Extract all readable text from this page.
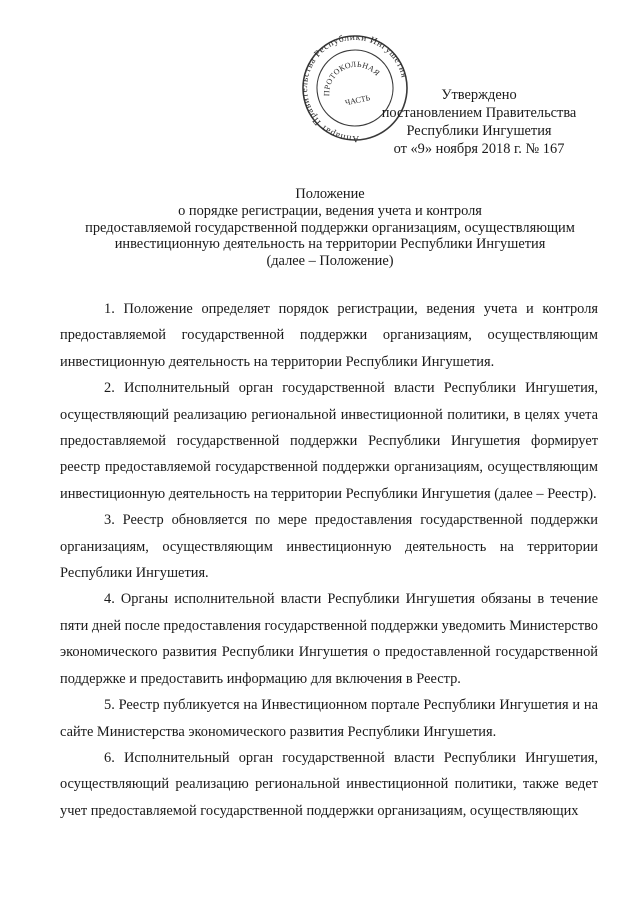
Аппарат Правительства Республики Ингушетия
ПРОТОКОЛЬНАЯ
ЧАСТЬ	Утверждено
постановлением Правительства
Республики Ингушетия
от «9» ноября 2018 г. № 167
Положение
о порядке регистрации, ведения учета и контроля
предоставляемой государственной поддержки организациям, осуществляющим
инвестиционную деятельность на территории Республики Ингушетия
(далее – Положение)

1. Положение определяет порядок регистрации, ведения учета и контроля предоставляемой государственной поддержки организациям, осуществляющим инвестиционную деятельность на территории Республики Ингушетия.

2. Исполнительный орган государственной власти Республики Ингушетия, осуществляющий реализацию региональной инвестиционной политики, в целях учета предоставляемой государственной поддержки Республики Ингушетия формирует реестр предоставляемой государственной поддержки организациям, осуществляющим инвестиционную деятельность на территории Республики Ингушетия (далее – Реестр).

3. Реестр обновляется по мере предоставления государственной поддержки организациям, осуществляющим инвестиционную деятельность на территории Республики Ингушетия.

4. Органы исполнительной власти Республики Ингушетия обязаны в течение пяти дней после предоставления государственной поддержки уведомить Министерство экономического развития Республики Ингушетия о предоставленной государственной поддержке и предоставить информацию для включения в Реестр.

5. Реестр публикуется на Инвестиционном портале Республики Ингушетия и на сайте Министерства экономического развития Республики Ингушетия.

6. Исполнительный орган государственной власти Республики Ингушетия, осуществляющий реализацию региональной инвестиционной политики, также ведет учет предоставляемой государственной поддержки организациям, осуществляющих
